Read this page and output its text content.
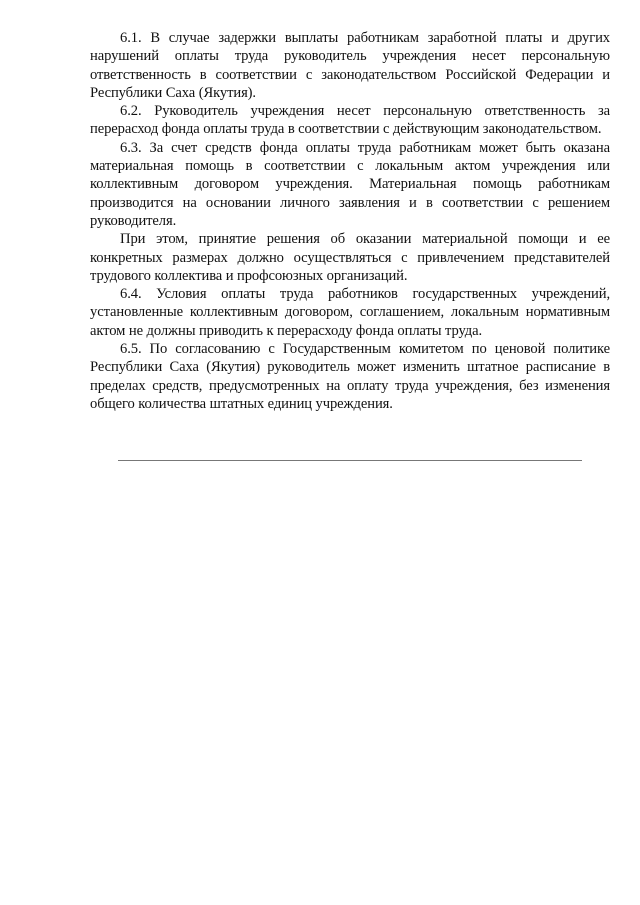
6.1. В случае задержки выплаты работникам заработной платы и других нарушений оплаты труда руководитель учреждения несет персональную ответственность в соответствии с законодательством Российской Федерации и Республики Саха (Якутия).

6.2. Руководитель учреждения несет персональную ответственность за перерасход фонда оплаты труда в соответствии с действующим законодательством.

6.3. За счет средств фонда оплаты труда работникам может быть оказана материальная помощь в соответствии с локальным актом учреждения или коллективным договором учреждения. Материальная помощь работникам производится на основании личного заявления и в соответствии с решением руководителя.

При этом, принятие решения об оказании материальной помощи и ее конкретных размерах должно осуществляться с привлечением представителей трудового коллектива и профсоюзных организаций.

6.4. Условия оплаты труда работников государственных учреждений, установленные коллективным договором, соглашением, локальным нормативным актом не должны приводить к перерасходу фонда оплаты труда.

6.5. По согласованию с Государственным комитетом по ценовой политике Республики Саха (Якутия) руководитель может изменить штатное расписание в пределах средств, предусмотренных на оплату труда учреждения, без изменения общего количества штатных единиц учреждения.
